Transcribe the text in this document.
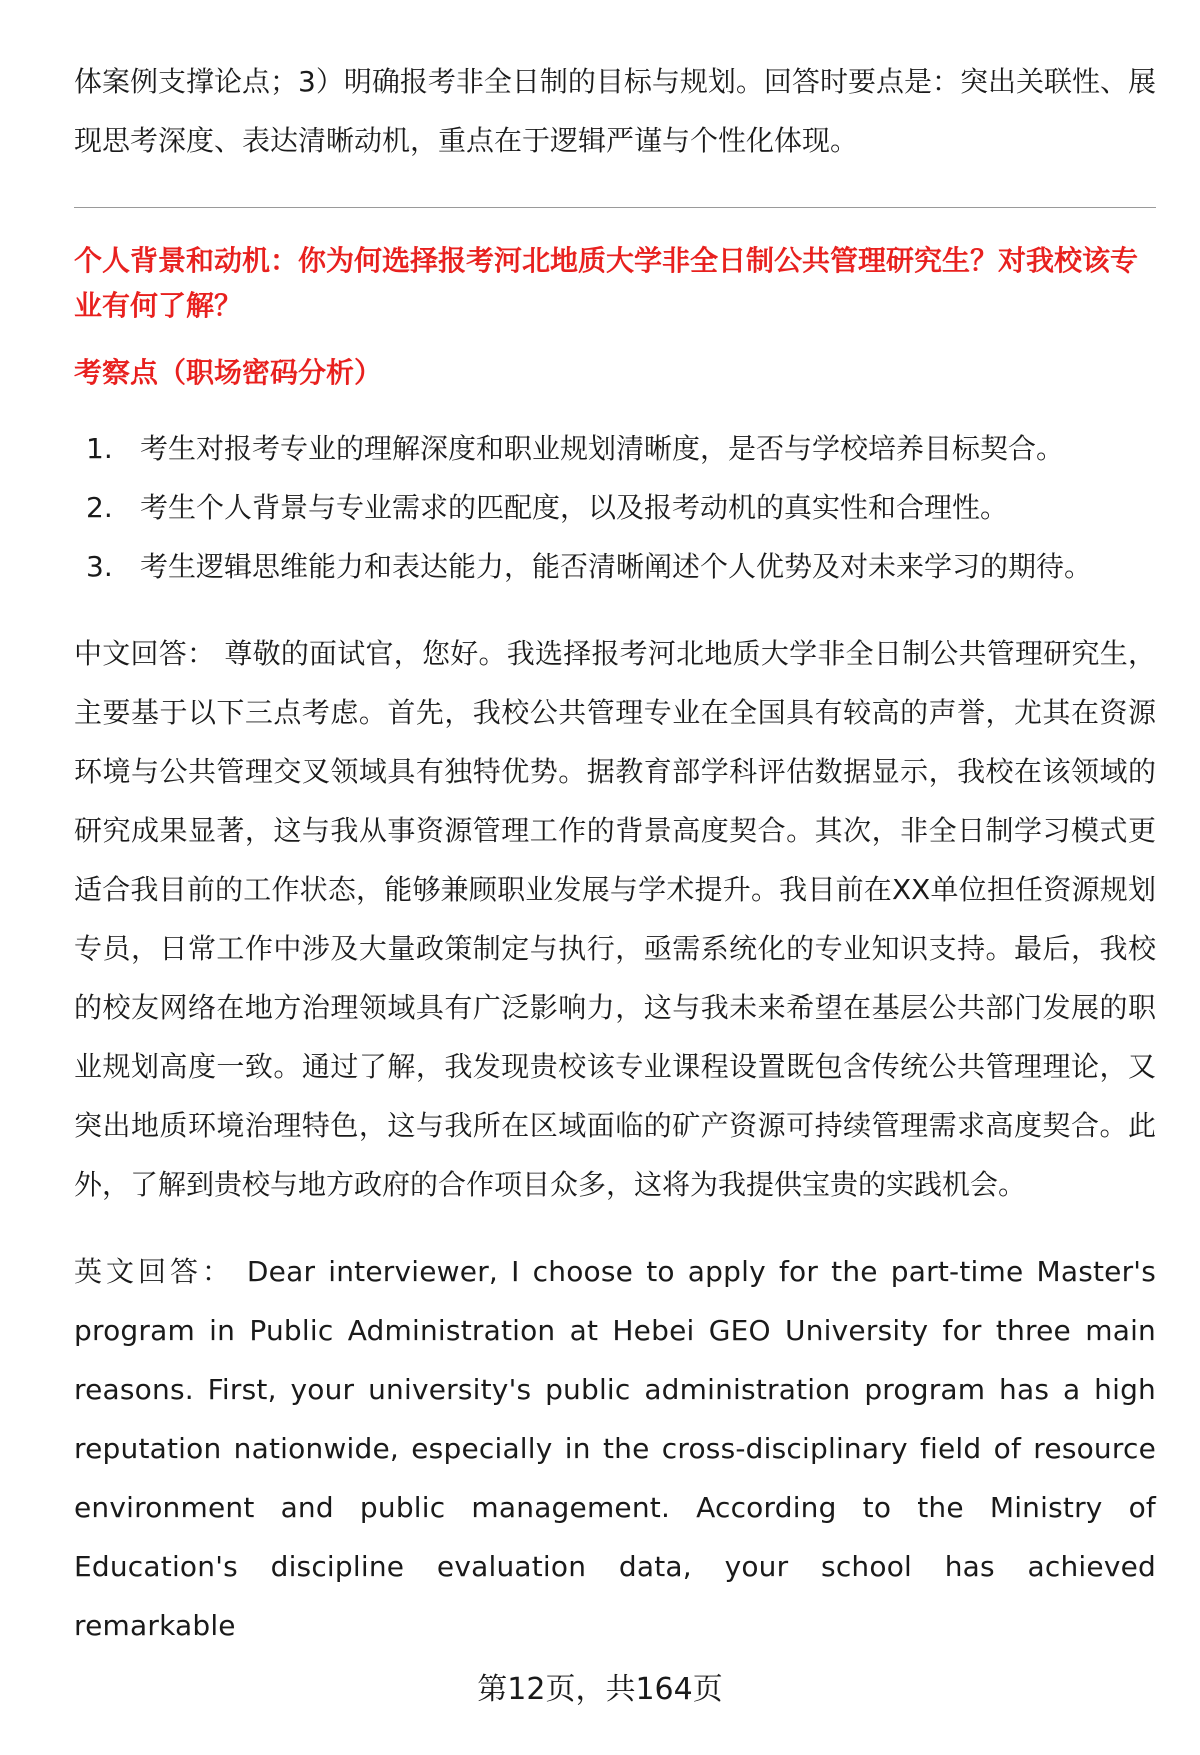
体案例支撑论点；3）明确报考非全日制的目标与规划。回答时要点是：突出关联性、展现思考深度、表达清晰动机，重点在于逻辑严谨与个性化体现。

个人背景和动机：你为何选择报考河北地质大学非全日制公共管理研究生？对我校该专业有何了解？

考察点（职场密码分析）

1. 考生对报考专业的理解深度和职业规划清晰度，是否与学校培养目标契合。
2. 考生个人背景与专业需求的匹配度，以及报考动机的真实性和合理性。
3. 考生逻辑思维能力和表达能力，能否清晰阐述个人优势及对未来学习的期待。

中文回答： 尊敬的面试官，您好。我选择报考河北地质大学非全日制公共管理研究生，主要基于以下三点考虑。首先，我校公共管理专业在全国具有较高的声誉，尤其在资源环境与公共管理交叉领域具有独特优势。据教育部学科评估数据显示，我校在该领域的研究成果显著，这与我从事资源管理工作的背景高度契合。其次，非全日制学习模式更适合我目前的工作状态，能够兼顾职业发展与学术提升。我目前在XX单位担任资源规划专员，日常工作中涉及大量政策制定与执行，亟需系统化的专业知识支持。最后，我校的校友网络在地方治理领域具有广泛影响力，这与我未来希望在基层公共部门发展的职业规划高度一致。通过了解，我发现贵校该专业课程设置既包含传统公共管理理论，又突出地质环境治理特色，这与我所在区域面临的矿产资源可持续管理需求高度契合。此外，了解到贵校与地方政府的合作项目众多，这将为我提供宝贵的实践机会。

英文回答： Dear interviewer, I choose to apply for the part-time Master's program in Public Administration at Hebei GEO University for three main reasons. First, your university's public administration program has a high reputation nationwide, especially in the cross-disciplinary field of resource environment and public management. According to the Ministry of Education's discipline evaluation data, your school has achieved remarkable

第12页，共164页
